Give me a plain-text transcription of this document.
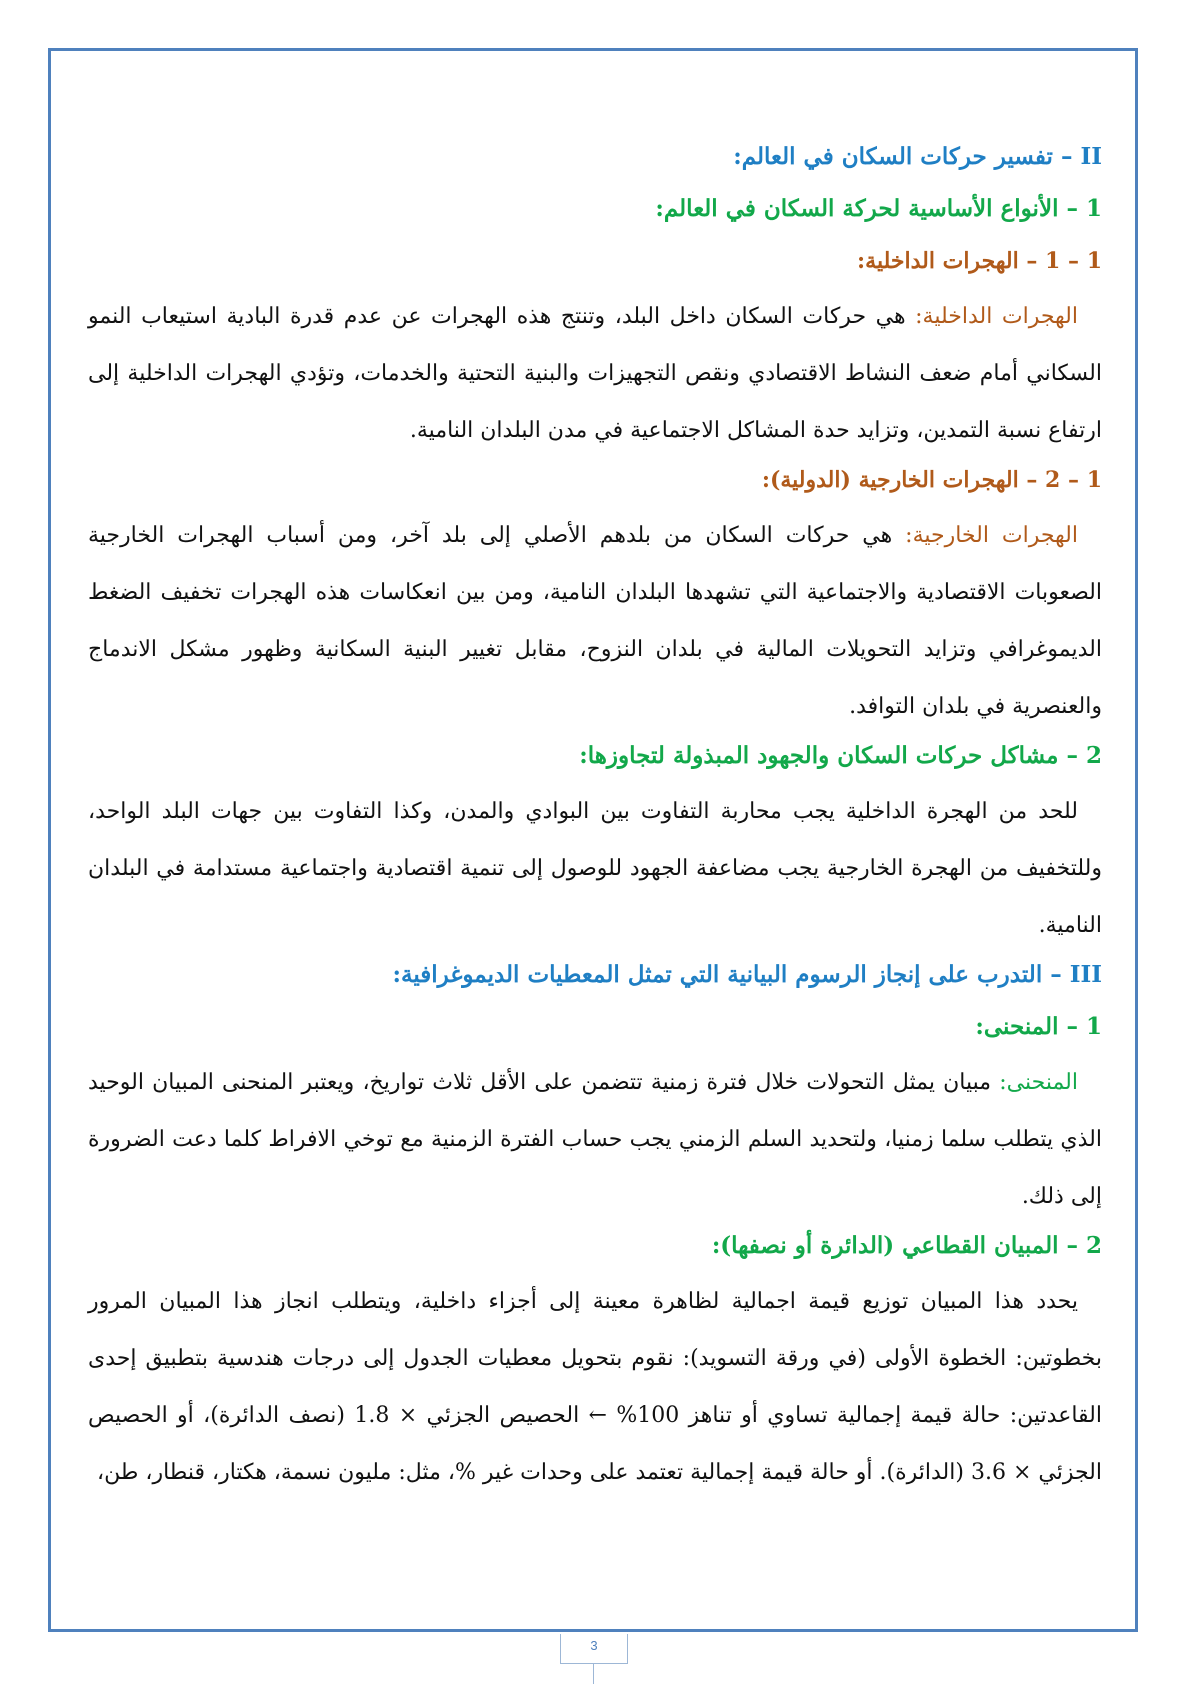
II – تفسير حركات السكان في العالم:
1 – الأنواع الأساسية لحركة السكان في العالم:
1 – 1 – الهجرات الداخلية:

الهجرات الداخلية: هي حركات السكان داخل البلد، وتنتج هذه الهجرات عن عدم قدرة البادية استيعاب النمو السكاني أمام ضعف النشاط الاقتصادي ونقص التجهيزات والبنية التحتية والخدمات، وتؤدي الهجرات الداخلية إلى ارتفاع نسبة التمدين، وتزايد حدة المشاكل الاجتماعية في مدن البلدان النامية.

1 – 2 – الهجرات الخارجية (الدولية):

الهجرات الخارجية: هي حركات السكان من بلدهم الأصلي إلى بلد آخر، ومن أسباب الهجرات الخارجية الصعوبات الاقتصادية والاجتماعية التي تشهدها البلدان النامية، ومن بين انعكاسات هذه الهجرات تخفيف الضغط الديموغرافي وتزايد التحويلات المالية في بلدان النزوح، مقابل تغيير البنية السكانية وظهور مشكل الاندماج والعنصرية في بلدان التوافد.

2 – مشاكل حركات السكان والجهود المبذولة لتجاوزها:

للحد من الهجرة الداخلية يجب محاربة التفاوت بين البوادي والمدن، وكذا التفاوت بين جهات البلد الواحد، وللتخفيف من الهجرة الخارجية يجب مضاعفة الجهود للوصول إلى تنمية اقتصادية واجتماعية مستدامة في البلدان النامية.

III – التدرب على إنجاز الرسوم البيانية التي تمثل المعطيات الديموغرافية:
1 – المنحنى:

المنحنى: مبيان يمثل التحولات خلال فترة زمنية تتضمن على الأقل ثلاث تواريخ، ويعتبر المنحنى المبيان الوحيد الذي يتطلب سلما زمنيا، ولتحديد السلم الزمني يجب حساب الفترة الزمنية مع توخي الافراط كلما دعت الضرورة إلى ذلك.

2 – المبيان القطاعي (الدائرة أو نصفها):

يحدد هذا المبيان توزيع قيمة اجمالية لظاهرة معينة إلى أجزاء داخلية، ويتطلب انجاز هذا المبيان المرور بخطوتين: الخطوة الأولى (في ورقة التسويد): نقوم بتحويل معطيات الجدول إلى درجات هندسية بتطبيق إحدى القاعدتين: حالة قيمة إجمالية تساوي أو تناهز 100% ← الحصيص الجزئي × 1.8 (نصف الدائرة)، أو الحصيص الجزئي × 3.6 (الدائرة). أو حالة قيمة إجمالية تعتمد على وحدات غير %، مثل: مليون نسمة، هكتار، قنطار، طن،

3
